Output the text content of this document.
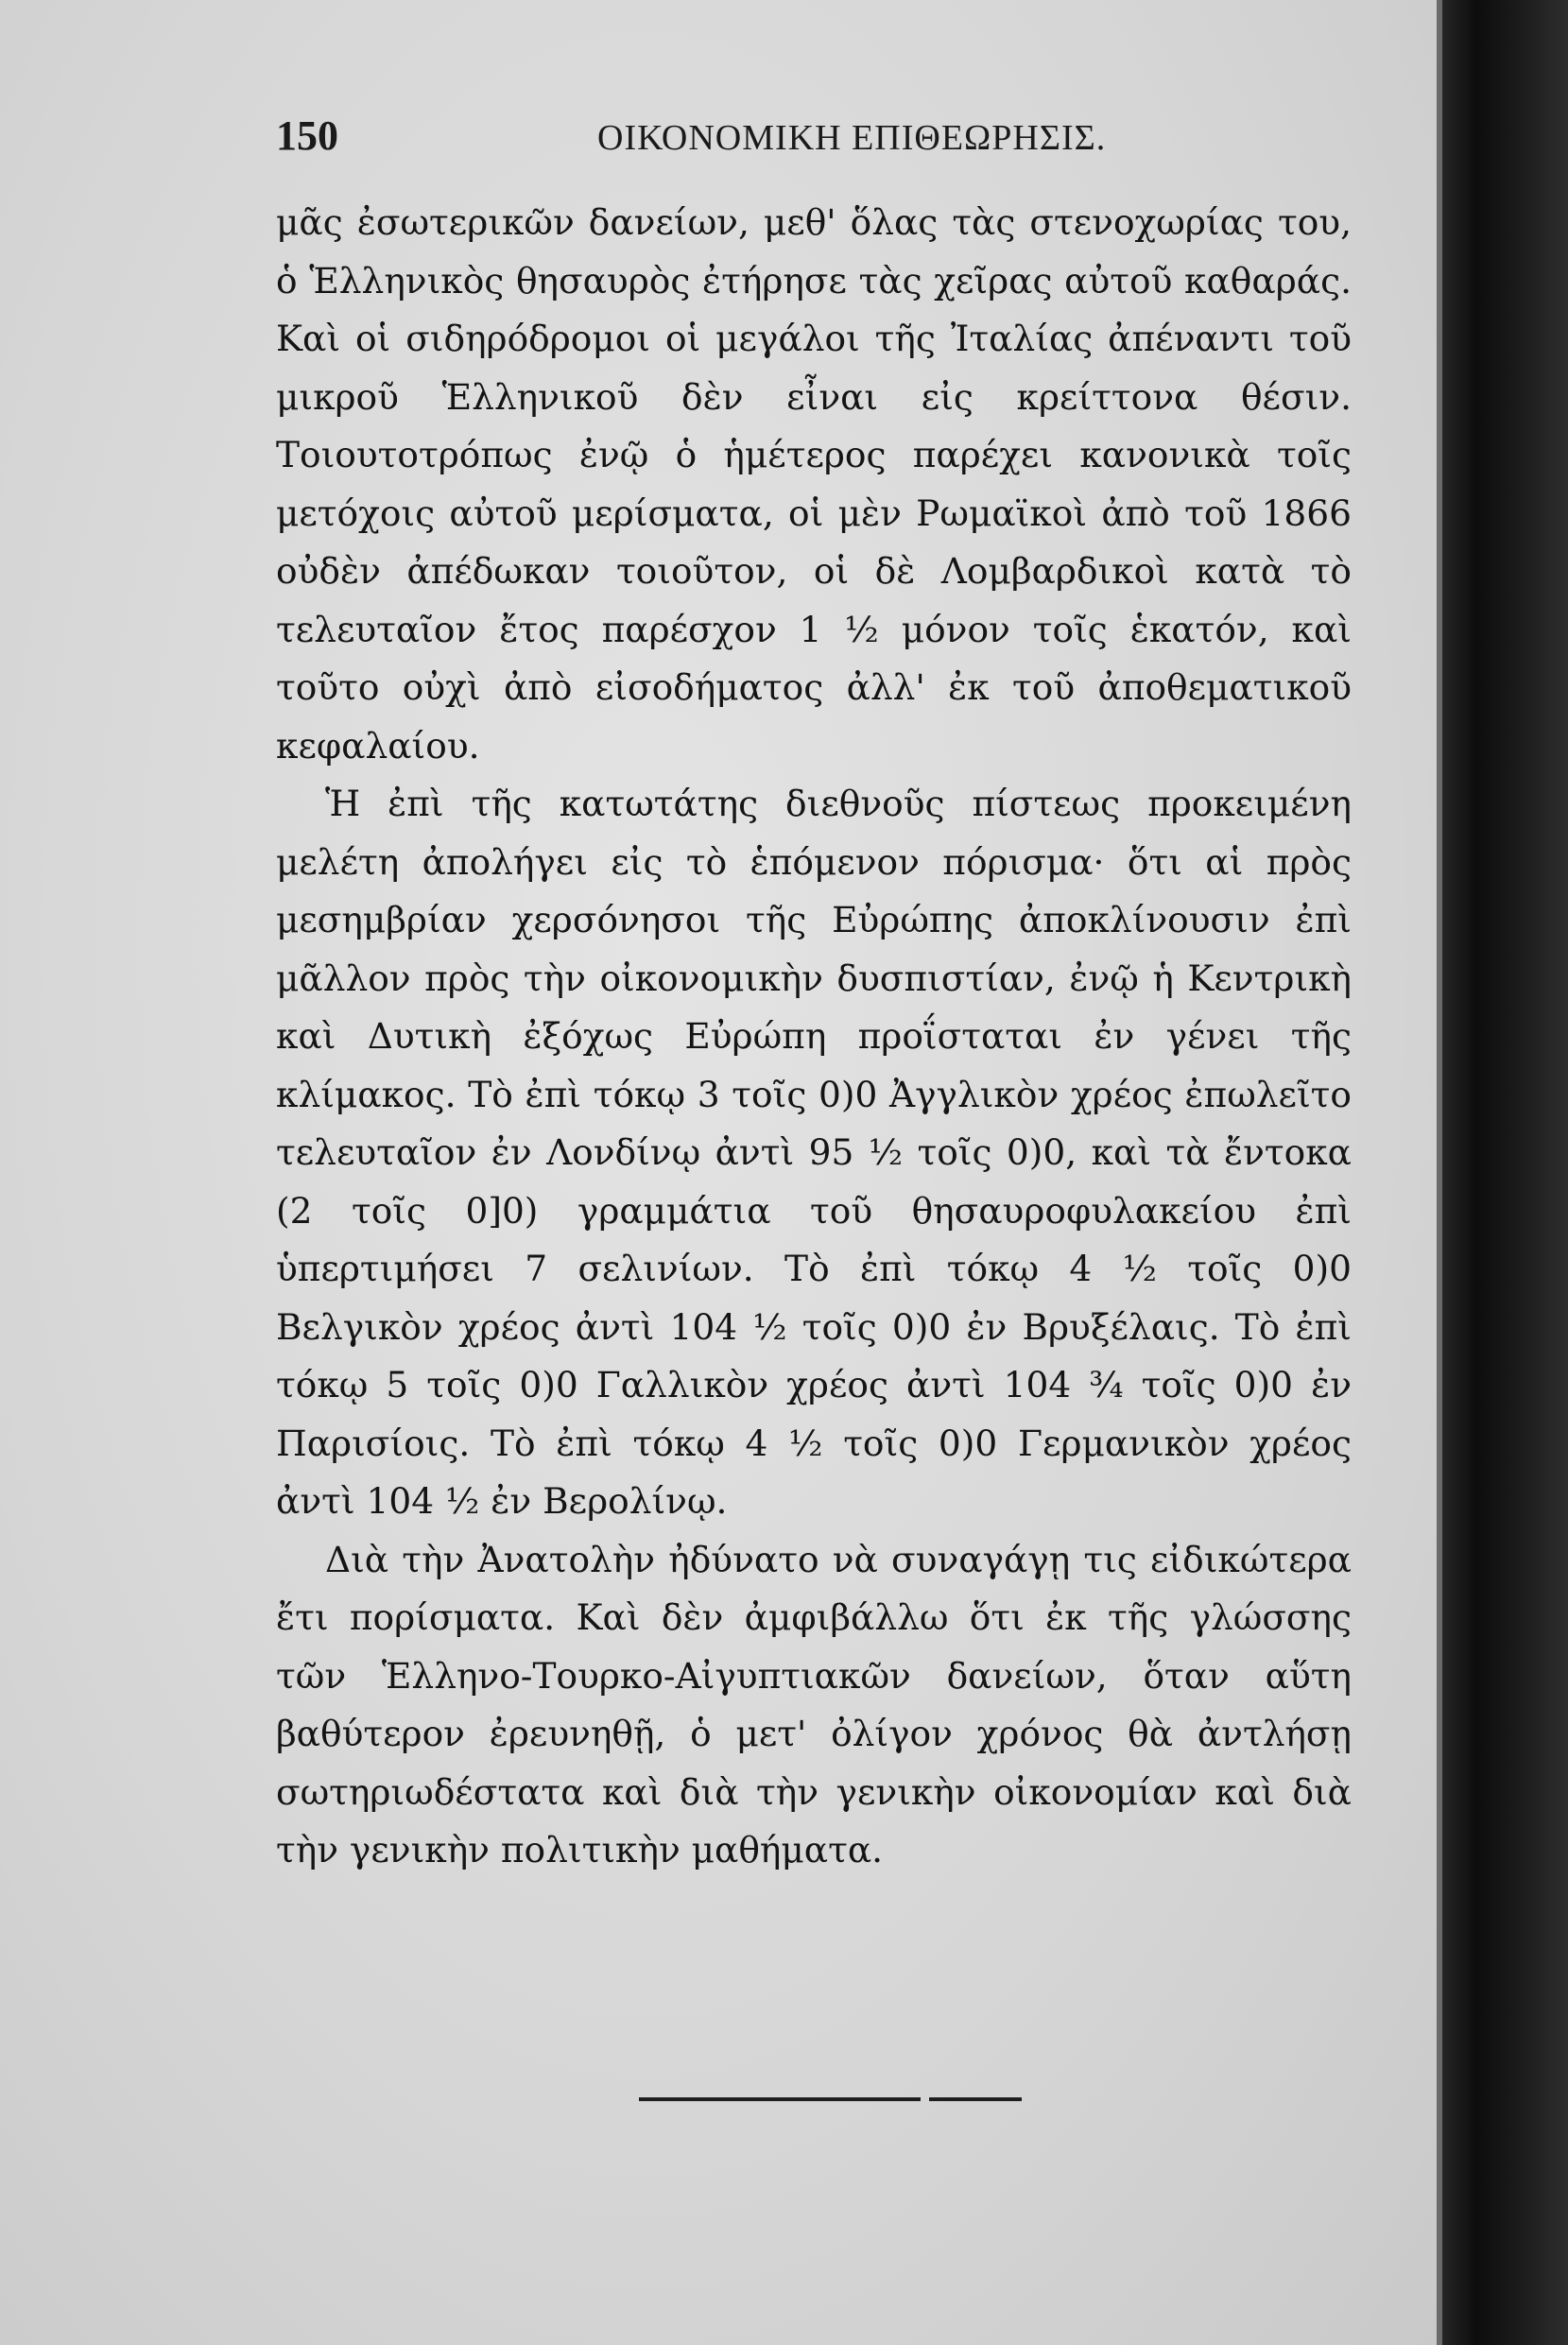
150	ΟΙΚΟΝΟΜΙΚΗ ΕΠΙΘΕΩΡΗΣΙΣ.

μᾶς ἐσωτερικῶν δανείων, μεθ' ὅλας τὰς στενοχωρίας του, ὁ Ἑλληνικὸς θησαυρὸς ἐτήρησε τὰς χεῖρας αὐτοῦ καθαράς. Καὶ οἱ σιδηρόδρομοι οἱ μεγάλοι τῆς Ἰταλίας ἀπέναντι τοῦ μικροῦ Ἑλληνικοῦ δὲν εἶναι εἰς κρείττονα θέσιν. Τοιουτοτρόπως ἐνῷ ὁ ἡμέτερος παρέχει κανονικὰ τοῖς μετόχοις αὐτοῦ μερίσματα, οἱ μὲν Ρωμαϊκοὶ ἀπὸ τοῦ 1866 οὐδὲν ἀπέδωκαν τοιοῦτον, οἱ δὲ Λομβαρδικοὶ κατὰ τὸ τελευταῖον ἔτος παρέσχον 1 ½ μόνον τοῖς ἑκατόν, καὶ τοῦτο οὐχὶ ἀπὸ εἰσοδήματος ἀλλ' ἐκ τοῦ ἀποθεματικοῦ κεφαλαίου.

Ἡ ἐπὶ τῆς κατωτάτης διεθνοῦς πίστεως προκειμένη μελέτη ἀπολήγει εἰς τὸ ἑπόμενον πόρισμα· ὅτι αἱ πρὸς μεσημβρίαν χερσόνησοι τῆς Εὐρώπης ἀποκλίνουσιν ἐπὶ μᾶλλον πρὸς τὴν οἰκονομικὴν δυσπιστίαν, ἐνῷ ἡ Κεντρικὴ καὶ Δυτικὴ ἐξόχως Εὐρώπη προΐσταται ἐν γένει τῆς κλίμακος. Τὸ ἐπὶ τόκῳ 3 τοῖς 0)0 Ἀγγλικὸν χρέος ἐπωλεῖτο τελευταῖον ἐν Λονδίνῳ ἀντὶ 95 ½ τοῖς 0)0, καὶ τὰ ἔντοκα (2 τοῖς 0]0) γραμμάτια τοῦ θησαυροφυλακείου ἐπὶ ὑπερτιμήσει 7 σελινίων. Τὸ ἐπὶ τόκῳ 4 ½ τοῖς 0)0 Βελγικὸν χρέος ἀντὶ 104 ½ τοῖς 0)0 ἐν Βρυξέλαις. Τὸ ἐπὶ τόκῳ 5 τοῖς 0)0 Γαλλικὸν χρέος ἀντὶ 104 ¾ τοῖς 0)0 ἐν Παρισίοις. Τὸ ἐπὶ τόκῳ 4 ½ τοῖς 0)0 Γερμανικὸν χρέος ἀντὶ 104 ½ ἐν Βερολίνῳ.

Διὰ τὴν Ἀνατολὴν ἠδύνατο νὰ συναγάγῃ τις εἰδικώτερα ἔτι πορίσματα. Καὶ δὲν ἀμφιβάλλω ὅτι ἐκ τῆς γλώσσης τῶν Ἑλληνο-Τουρκο-Αἰγυπτιακῶν δανείων, ὅταν αὕτη βαθύτερον ἐρευνηθῇ, ὁ μετ' ὀλίγον χρόνος θὰ ἀντλήσῃ σωτηριωδέστατα καὶ διὰ τὴν γενικὴν οἰκονομίαν καὶ διὰ τὴν γενικὴν πολιτικὴν μαθήματα.
